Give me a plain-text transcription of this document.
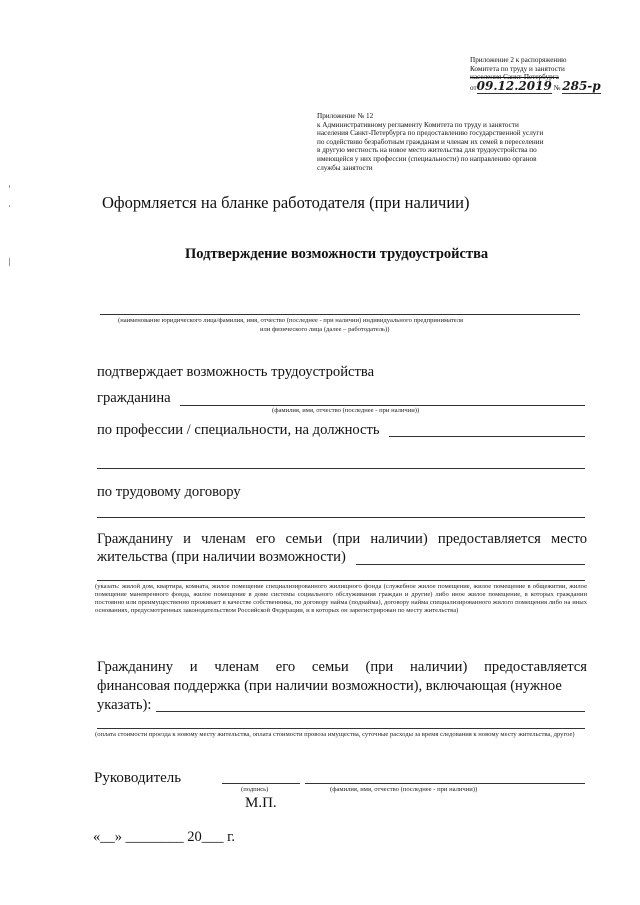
Приложение 2 к распоряжению
Комитета по труду и занятости
населения Санкт-Петербурга
от09.12.2019 № 285-р
Приложение № 12
к Административному регламенту Комитета по труду и занятости
населения Санкт-Петербурга по предоставлению государственной услуги
по содействию безработным гражданам и членам их семей в переселении
в другую местность на новое место жительства для трудоустройства по
имеющейся у них профессии (специальности) по направлению органов
службы занятости
Оформляется на бланке работодателя (при наличии)
Подтверждение возможности трудоустройства
(наименование юридического лица/фамилия, имя, отчество (последнее - при наличии) индивидуального предпринимателя
или физического лица (далее – работодатель))
подтверждает возможность трудоустройства
гражданина
(фамилия, имя, отчество (последнее - при наличии))
по профессии / специальности, на должность
по трудовому договору
Гражданину и членам его семьи (при наличии) предоставляется место
жительства (при наличии возможности)
(указать: жилой дом, квартира, комната, жилое помещение специализированного жилищного фонда (служебное жилое помещение, жилое помещение в общежитии, жилое помещение маневренного фонда, жилое помещение в доме системы социального обслуживания граждан и другие) либо иное жилое помещение, в которых гражданин постоянно или преимущественно проживает в качестве собственника, по договору найма (поднайма), договору найма специализированного жилого помещения либо на иных основаниях, предусмотренных законодательством Российской Федерации, и в которых он зарегистрирован по месту жительства)
Гражданину и членам его семьи (при наличии) предоставляется
финансовая поддержка (при наличии возможности), включающая (нужное
указать):
(оплата стоимости проезда к новому месту жительства, оплата стоимости провоза имущества, суточные расходы за время следования к новому месту жительства, другое)
Руководитель
(подпись)	(фамилия, имя, отчество (последнее - при наличии))
М.П.
«__» ________ 20___ г.
